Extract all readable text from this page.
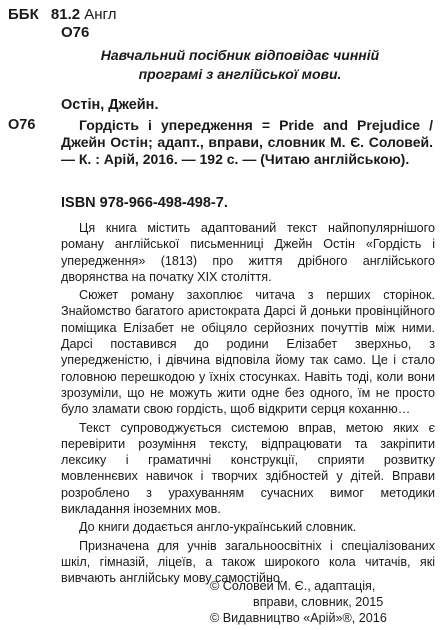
ББК 81.2 Англ
О76
Навчальний посібник відповідає чинній програмі з англійської мови.
Остін, Джейн.
О76	Гордість і упередження = Pride and Prejudice / Джейн Остін; адапт., вправи, словник М. Є. Соловей. — К. : Арій, 2016. — 192 с. — (Читаю англійською).
ISBN 978-966-498-498-7.

Ця книга містить адаптований текст найпопулярнішого роману англійської письменниці Джейн Остін «Гордість і упередження» (1813) про життя дрібного англійського дворянства на початку XIX століття.

Сюжет роману захоплює читача з перших сторінок. Знайомство багатого аристократа Дарсі й доньки провінційного поміщика Елізабет не обіцяло серйозних почуттів між ними. Дарсі поставився до родини Елізабет зверхньо, з упередженістю, і дівчина відповіла йому так само. Це і стало головною перешкодою у їхніх стосунках. Навіть тоді, коли вони зрозуміли, що не можуть жити одне без одного, їм не просто було зламати свою гордість, щоб відкрити серця коханню…

Текст супроводжується системою вправ, метою яких є перевірити розуміння тексту, відпрацювати та закріпити лексику і граматичні конструкції, сприяти розвитку мовленнєвих навичок і творчих здібностей у дітей. Вправи розроблено з урахуванням сучасних вимог методики викладання іноземних мов.

До книги додається англо-український словник.

Призначена для учнів загальноосвітніх і спеціалізованих шкіл, гімназій, ліцеїв, а також широкого кола читачів, які вивчають англійську мову самостійно.

© Соловей М. Є., адаптація,
вправи, словник, 2015
© Видавництво «Арій»®, 2016
